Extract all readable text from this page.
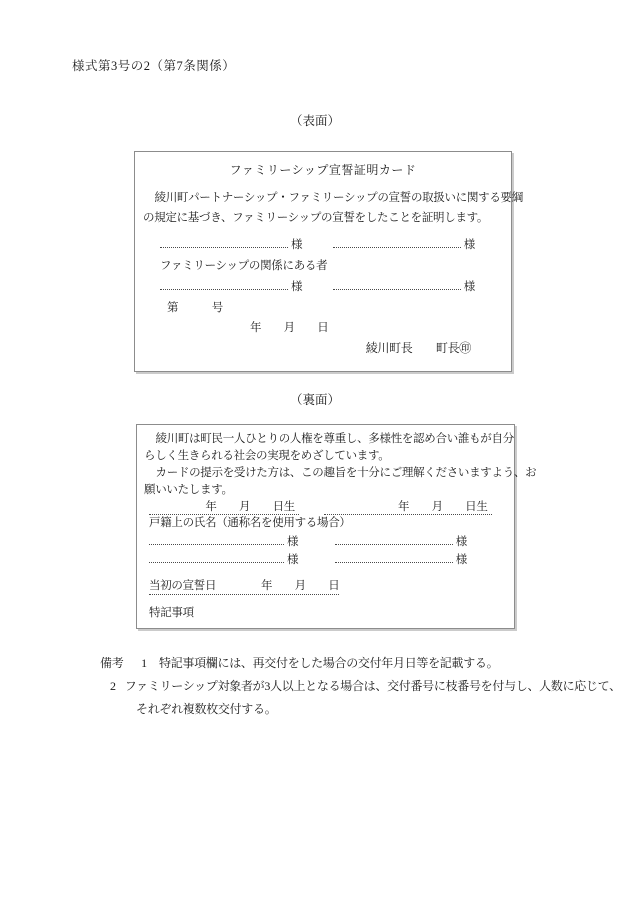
様式第3号の2（第7条関係）
（表面）
ファミリーシップ宣誓証明カード
綾川町パートナーシップ・ファミリーシップの宣誓の取扱いに関する要綱
の規定に基づき、ファミリーシップの宣誓をしたことを証明します。
様	様
ファミリーシップの関係にある者
様	様
第　　　号
年　　月　　日
綾川町長　　町長㊞
（裏面）
綾川町は町民一人ひとりの人権を尊重し、多様性を認め合い誰もが自分
らしく生きられる社会の実現をめざしています。
カードの提示を受けた方は、この趣旨を十分にご理解くださいますよう、お
願いいたします。
年　　月　　日生	年　　月　　日生
戸籍上の氏名（通称名を使用する場合）
様	様
様	様
当初の宣誓日　　　　年　　月　　日
特記事項
備考	1 特記事項欄には、再交付をした場合の交付年月日等を記載する。
2 ファミリーシップ対象者が3人以上となる場合は、交付番号に枝番号を付与し、人数に応じて、
それぞれ複数枚交付する。
